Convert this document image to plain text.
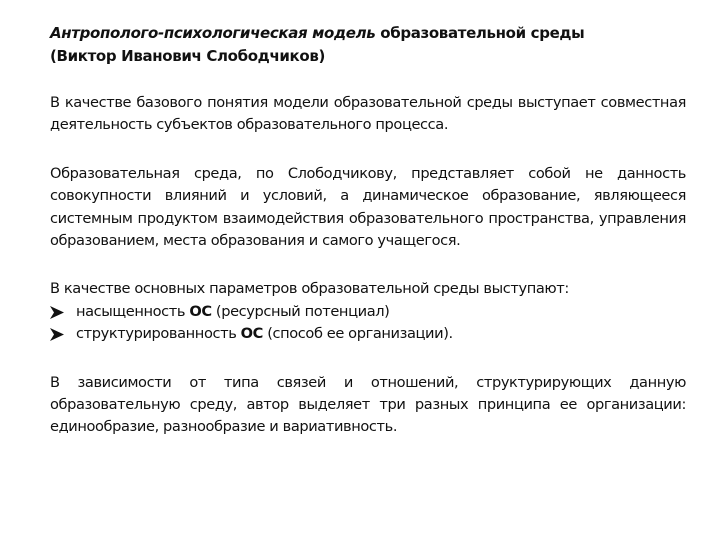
Антрополого-психологическая модель образовательной среды
(Виктор Иванович Слободчиков)

В качестве базового понятия модели образовательной среды выступает совместная деятельность субъектов образовательного процесса.

Образовательная среда, по Слободчикову, представляет собой не данность совокупности влияний и условий, а динамическое образование, являющееся системным продуктом взаимодействия образовательного пространства, управления образованием, места образования и самого учащегося.

В качестве основных параметров образовательной среды выступают:

насыщенность ОС (ресурсный потенциал)
структурированность ОС (способ ее организации).

В зависимости от типа связей и отношений, структурирующих данную образовательную среду, автор выделяет три разных принципа ее организации: единообразие, разнообразие и вариативность.
